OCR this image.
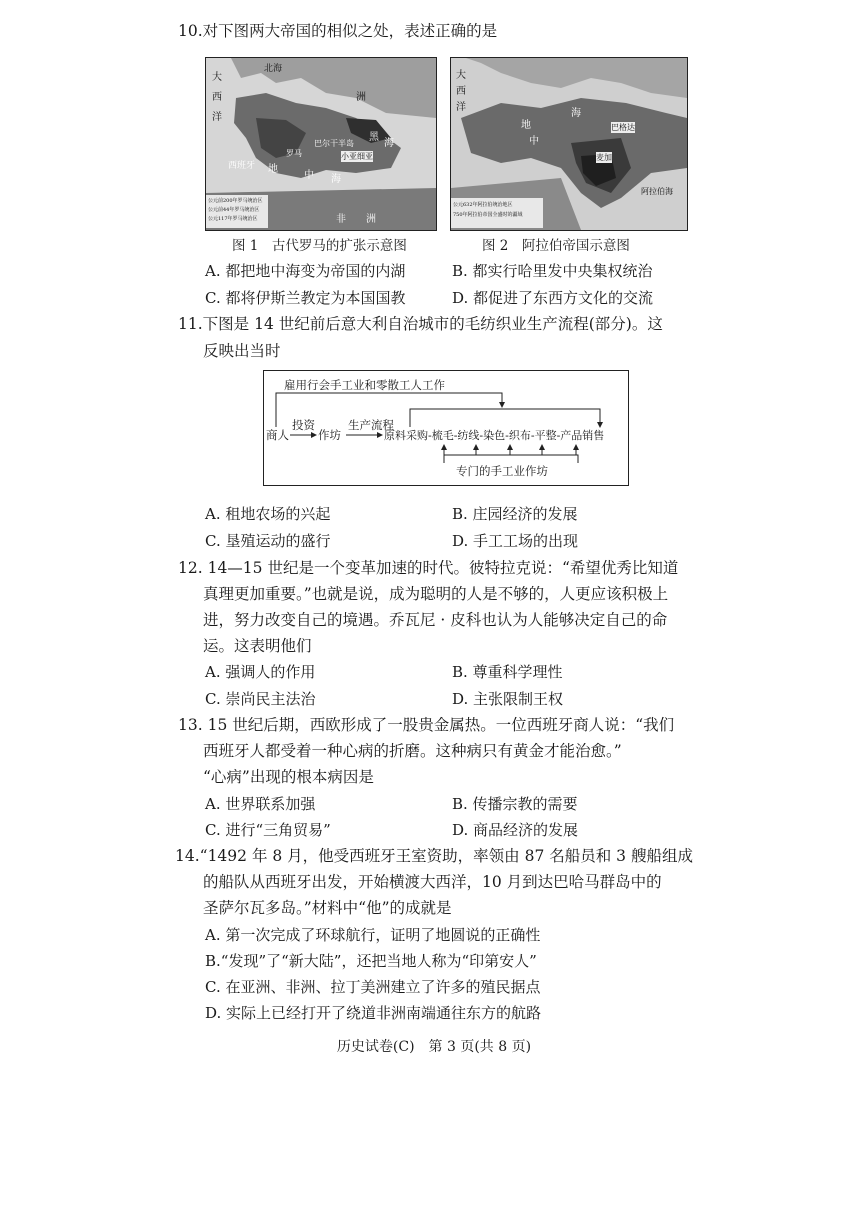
10.对下图两大帝国的相似之处，表述正确的是
大
西
洋
北海
洲
黑
海
巴尔干半岛
小亚细亚
西班牙
罗马
地
中 海
非 洲
公元前200年罗马统治区
公元前44年罗马统治区
公元117年罗马统治区
大
西
洋
地
中
海
巴格达
麦加
阿拉伯海
公元632年阿拉伯统治地区
750年阿拉伯帝国全盛时的疆域
图 1　古代罗马的扩张示意图	图 2　阿拉伯帝国示意图
A. 都把地中海变为帝国的内湖	B. 都实行哈里发中央集权统治
C. 都将伊斯兰教定为本国国教	D. 都促进了东西方文化的交流
11.下图是 14 世纪前后意大利自治城市的毛纺织业生产流程(部分)。这
反映出当时
雇用行会手工业和零散工人工作
商人
投资
作坊
生产流程
原料采购-梳毛-纺线-染色-织布-平整-产品销售
专门的手工业作坊
A. 租地农场的兴起	B. 庄园经济的发展
C. 垦殖运动的盛行	D. 手工工场的出现
12. 14—15 世纪是一个变革加速的时代。彼特拉克说：“希望优秀比知道
真理更加重要。”也就是说，成为聪明的人是不够的，人更应该积极上
进，努力改变自己的境遇。乔瓦尼 · 皮科也认为人能够决定自己的命
运。这表明他们
A. 强调人的作用	B. 尊重科学理性
C. 崇尚民主法治	D. 主张限制王权
13. 15 世纪后期，西欧形成了一股贵金属热。一位西班牙商人说：“我们
西班牙人都受着一种心病的折磨。这种病只有黄金才能治愈。”
“心病”出现的根本病因是
A. 世界联系加强	B. 传播宗教的需要
C. 进行“三角贸易”	D. 商品经济的发展
14.“1492 年 8 月，他受西班牙王室资助，率领由 87 名船员和 3 艘船组成
的船队从西班牙出发，开始横渡大西洋，10 月到达巴哈马群岛中的
圣萨尔瓦多岛。”材料中“他”的成就是
A. 第一次完成了环球航行，证明了地圆说的正确性
B.“发现”了“新大陆”，还把当地人称为“印第安人”
C. 在亚洲、非洲、拉丁美洲建立了许多的殖民据点
D. 实际上已经打开了绕道非洲南端通往东方的航路
历史试卷(C)　第 3 页(共 8 页)
